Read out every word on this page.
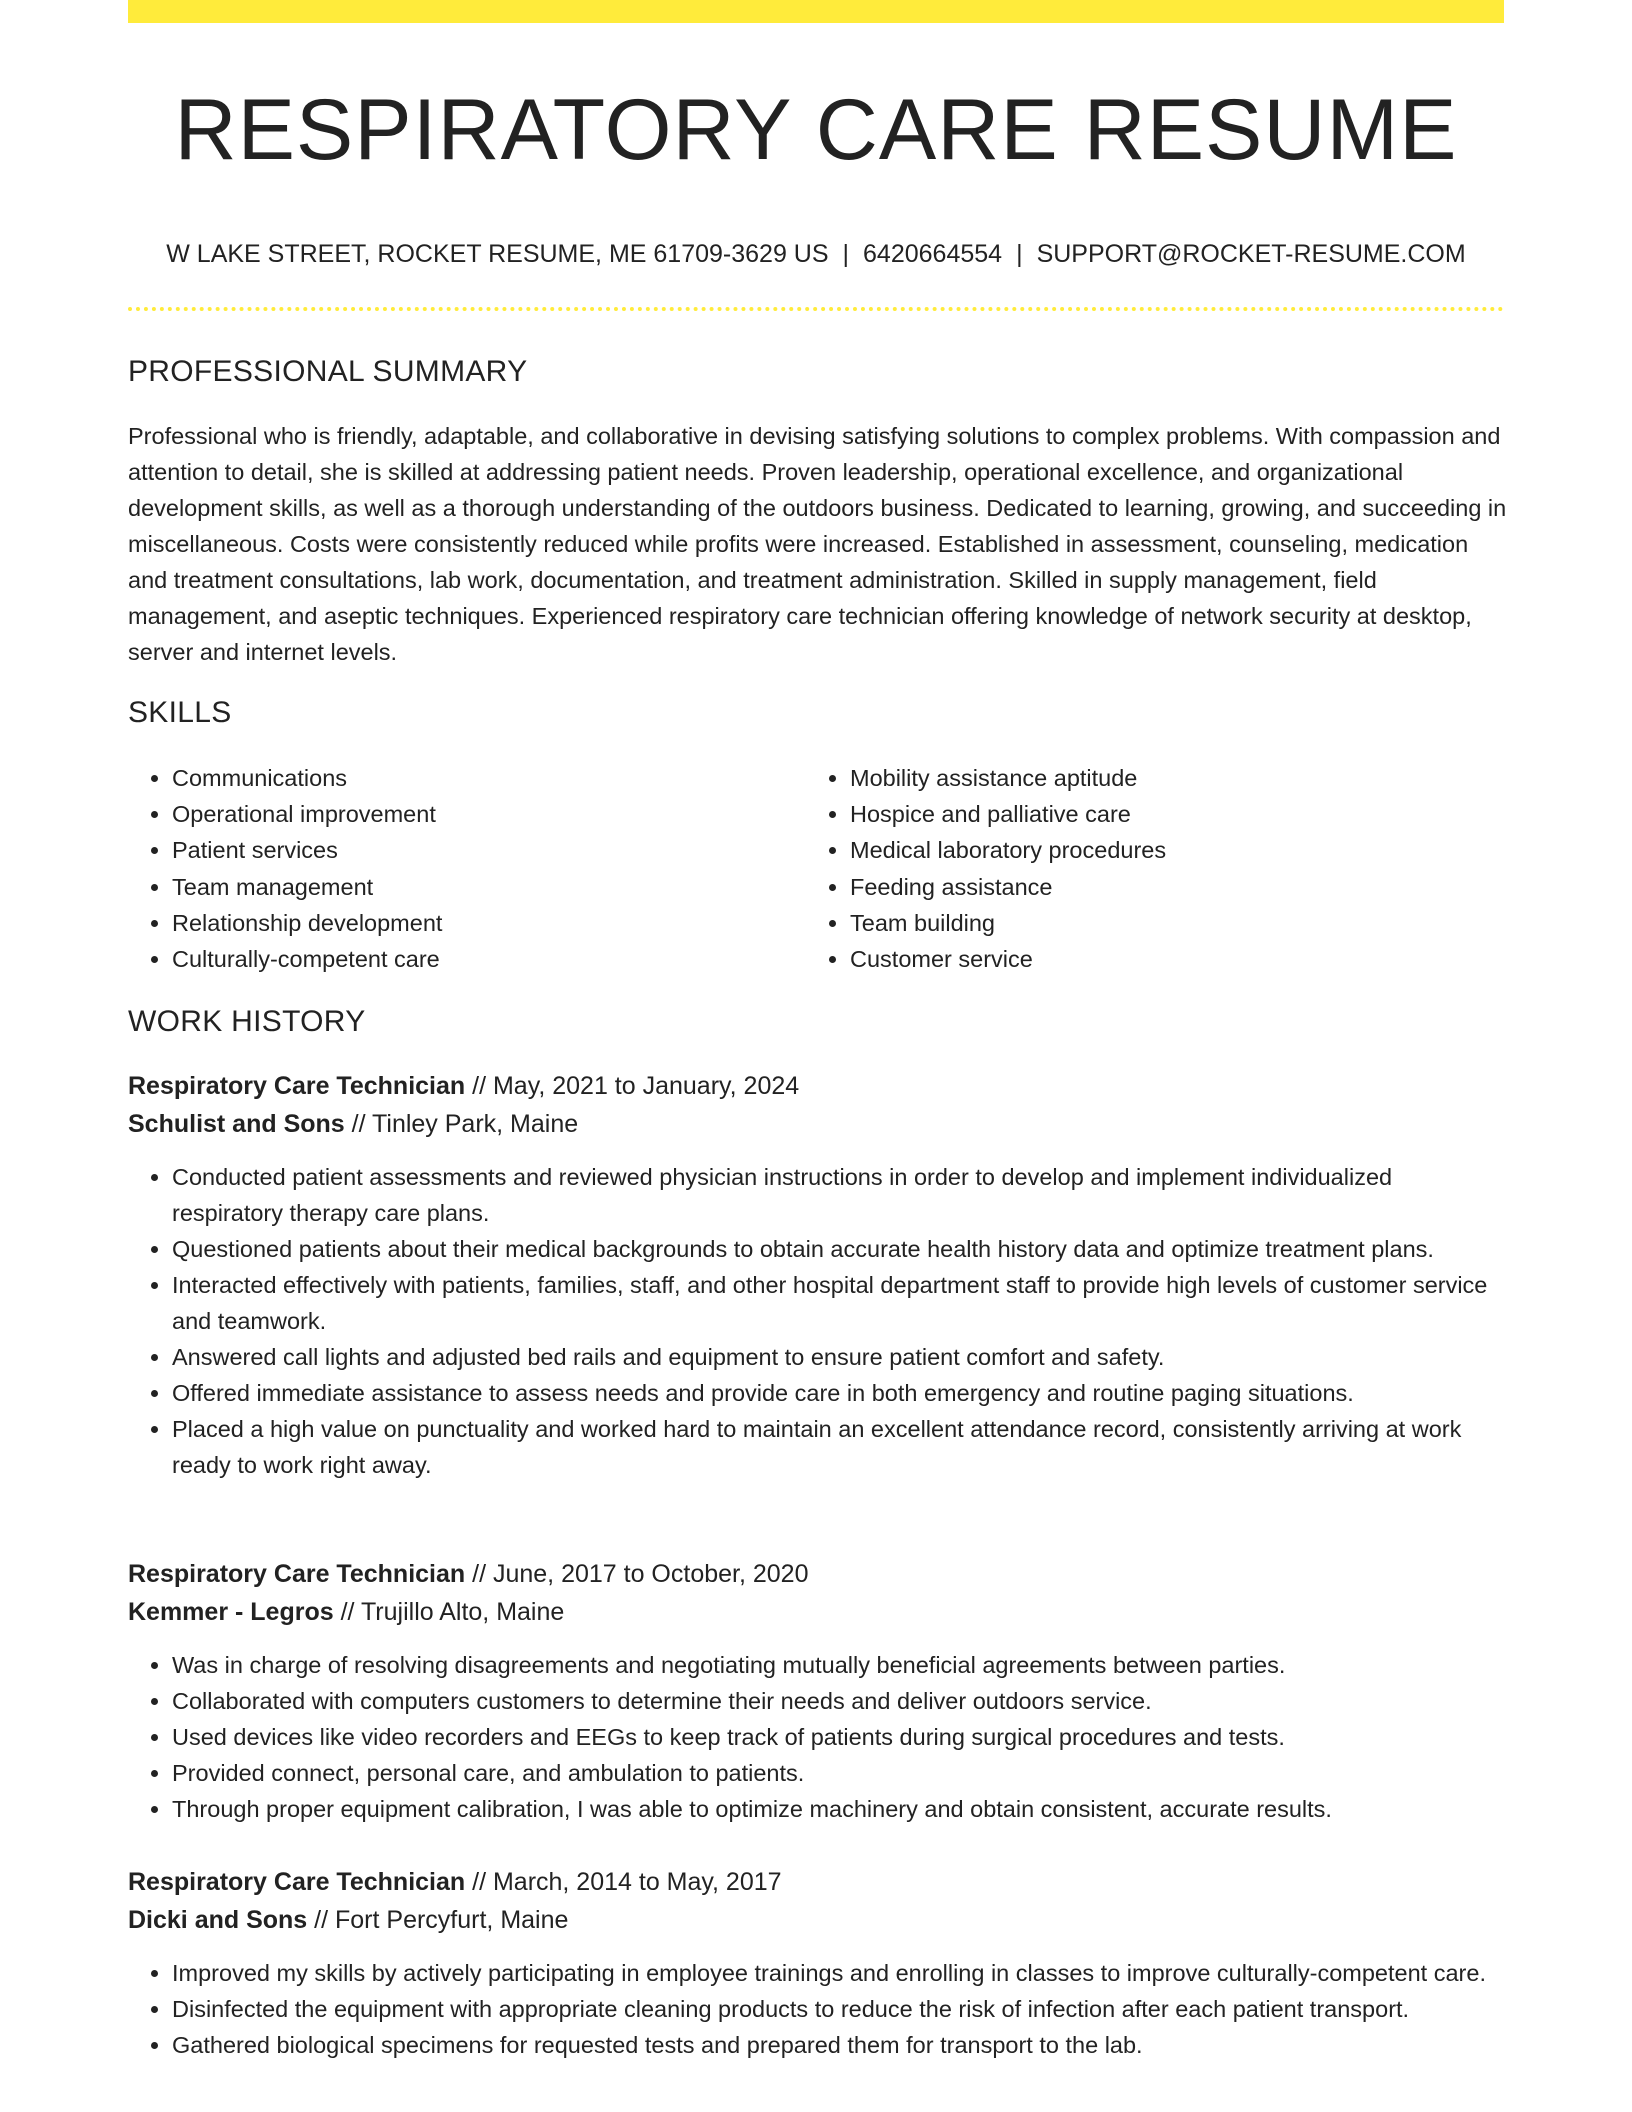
RESPIRATORY CARE RESUME
W LAKE STREET, ROCKET RESUME, ME 61709-3629 US | 6420664554 | SUPPORT@ROCKET-RESUME.COM
PROFESSIONAL SUMMARY

Professional who is friendly, adaptable, and collaborative in devising satisfying solutions to complex problems. With compassion and attention to detail, she is skilled at addressing patient needs. Proven leadership, operational excellence, and organizational development skills, as well as a thorough understanding of the outdoors business. Dedicated to learning, growing, and succeeding in miscellaneous. Costs were consistently reduced while profits were increased. Established in assessment, counseling, medication and treatment consultations, lab work, documentation, and treatment administration. Skilled in supply management, field management, and aseptic techniques. Experienced respiratory care technician offering knowledge of network security at desktop, server and internet levels.

SKILLS
• Communications
• Operational improvement
• Patient services
• Team management
• Relationship development
• Culturally-competent care
• Mobility assistance aptitude
• Hospice and palliative care
• Medical laboratory procedures
• Feeding assistance
• Team building
• Customer service
WORK HISTORY
Respiratory Care Technician // May, 2021 to January, 2024
Schulist and Sons // Tinley Park, Maine
• Conducted patient assessments and reviewed physician instructions in order to develop and implement individualized respiratory therapy care plans.
• Questioned patients about their medical backgrounds to obtain accurate health history data and optimize treatment plans.
• Interacted effectively with patients, families, staff, and other hospital department staff to provide high levels of customer service and teamwork.
• Answered call lights and adjusted bed rails and equipment to ensure patient comfort and safety.
• Offered immediate assistance to assess needs and provide care in both emergency and routine paging situations.
• Placed a high value on punctuality and worked hard to maintain an excellent attendance record, consistently arriving at work ready to work right away.
Respiratory Care Technician // June, 2017 to October, 2020
Kemmer - Legros // Trujillo Alto, Maine
• Was in charge of resolving disagreements and negotiating mutually beneficial agreements between parties.
• Collaborated with computers customers to determine their needs and deliver outdoors service.
• Used devices like video recorders and EEGs to keep track of patients during surgical procedures and tests.
• Provided connect, personal care, and ambulation to patients.
• Through proper equipment calibration, I was able to optimize machinery and obtain consistent, accurate results.
Respiratory Care Technician // March, 2014 to May, 2017
Dicki and Sons // Fort Percyfurt, Maine
• Improved my skills by actively participating in employee trainings and enrolling in classes to improve culturally-competent care.
• Disinfected the equipment with appropriate cleaning products to reduce the risk of infection after each patient transport.
• Gathered biological specimens for requested tests and prepared them for transport to the lab.
